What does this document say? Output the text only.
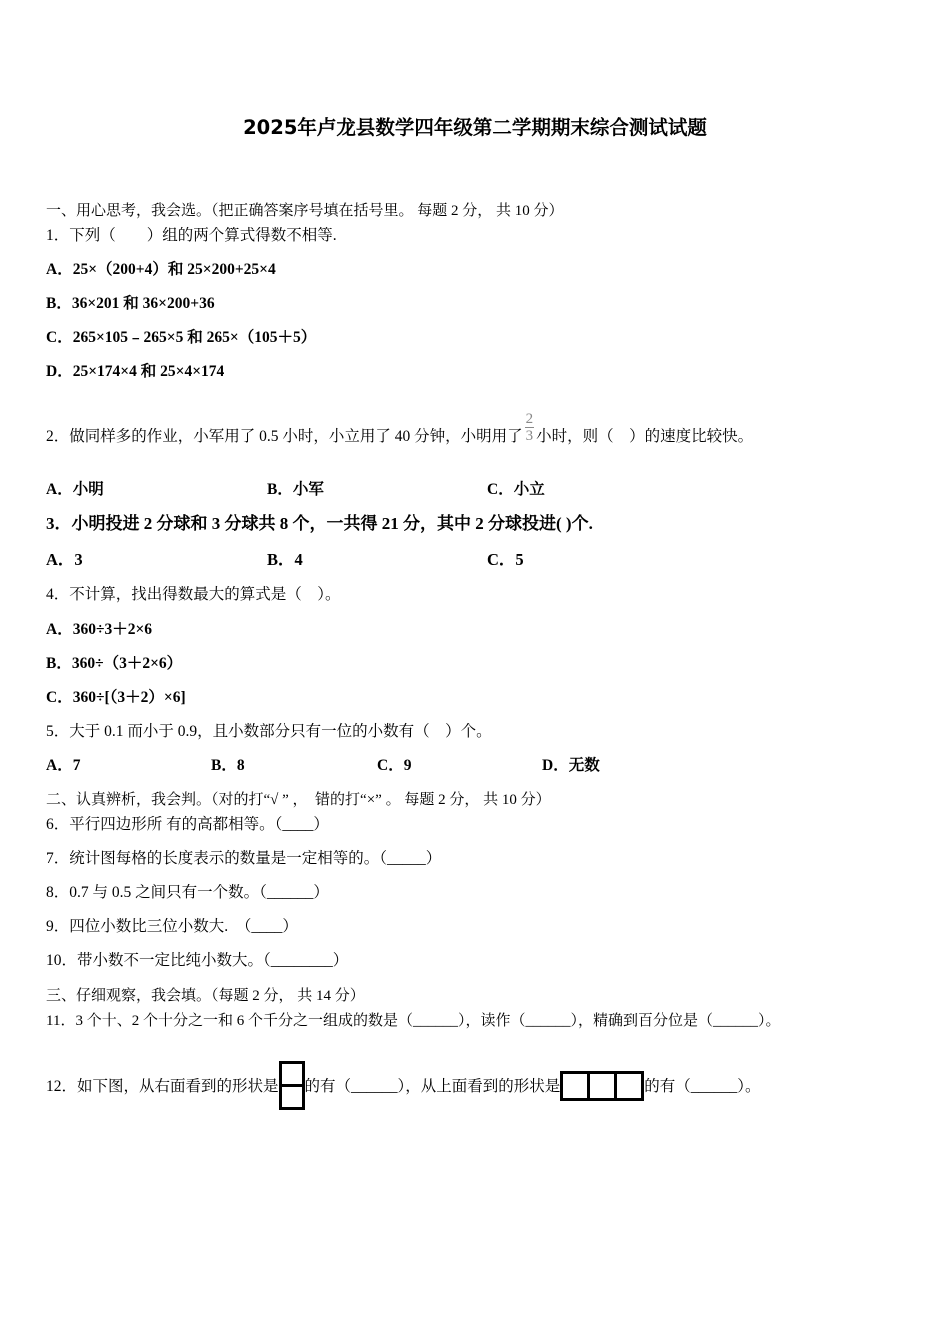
2025年卢龙县数学四年级第二学期期末综合测试试题
一、用心思考，我会选。（把正确答案序号填在括号里。 每题 2 分， 共 10 分）
1．下列（　　）组的两个算式得数不相等.
A．25×（200+4）和 25×200+25×4
B．36×201 和 36×200+36
C．265×105﹣265×5 和 265×（105＋5）
D．25×174×4 和 25×4×174
2．做同样多的作业，小军用了 0.5 小时，小立用了 40 分钟，小明用了 $\frac{2}{3}$ 小时，则（　）的速度比较快。
A．小明	B．小军	C．小立
3．小明投进 2 分球和 3 分球共 8 个，一共得 21 分，其中 2 分球投进( )个.
A．3	B．4	C．5
4．不计算，找出得数最大的算式是（　）。
A．360÷3＋2×6
B．360÷（3＋2×6）
C．360÷[（3＋2）×6]
5．大于 0.1 而小于 0.9，且小数部分只有一位的小数有（　）个。
A．7	B．8	C．9	D．无数
二、认真辨析，我会判。（对的打“√ ” ，　错的打“×” 。 每题 2 分， 共 10 分）
6．平行四边形所 有的高都相等。（____）
7．统计图每格的长度表示的数量是一定相等的。（_____）
8．0.7 与 0.5 之间只有一个数。（______）
9．四位小数比三位小数大.　（____）
10．带小数不一定比纯小数大。（________）
三、仔细观察，我会填。（每题 2 分， 共 14 分）
11．3 个十、2 个十分之一和 6 个千分之一组成的数是（______），读作（______），精确到百分位是（______）。
12．如下图，从右面看到的形状是 的有（______），从上面看到的形状是	的有（______）。
